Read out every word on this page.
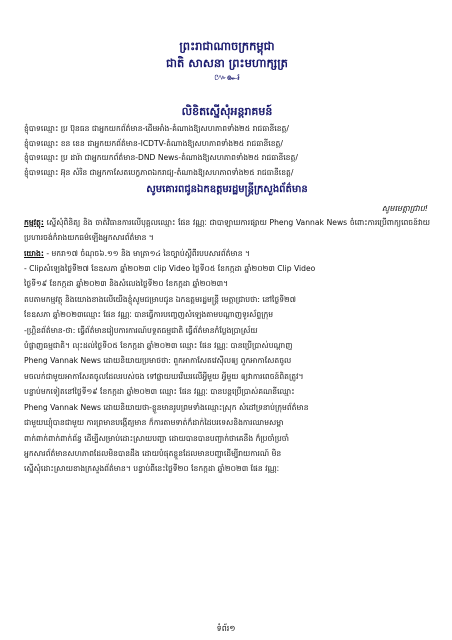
ព្រះរាជាណាចក្រកម្ពុជា
ជាតិ សាសនា ព្រះមហាក្សត្រ
៚๛៛
លិខិតស្នើសុំអន្តរាគមន៍
ខ្ញុំបាទឈ្មោះ ប្រ ប៊ុនធន ជាអ្នកយកព័ត៌មាន-ដើមអាំង-គំណាងឱ្យសហភាពទាំង២៥ រាជធានីខេត្ត/
ខ្ញុំបាទឈ្មោះ ខន ខេន ជាអ្នកយកព័ត៌មាន-ICDTV-តំណាងឱ្យសហភាពទាំង២៥ រាជធានីខេត្ត/
ខ្ញុំបាទឈ្មោះ ប្រ ដារ៉ា ជាអ្នកយកព័ត៌មាន-DND News-តំណាងឱ្យសហភាពទាំង២៥ រាជធានីខេត្ត/
ខ្ញុំបាទឈ្មោះ អ៊ុន សំរិន ជាអ្នកកាសែតបេក្ខភាពឯករាជ្យ-តំណាងឱ្យសហភាពទាំង២៥ រាជធានីខេត្ត/
សូមគោរពជូនឯកឧត្តមរដ្ឋមន្ត្រីក្រសួងព័ត៌មាន
សូមមេត្តាជ្រាប!
កម្មវត្ថុ: ស្នើសុំពិនិត្យ និង ចាត់វិធានការលើបុគ្គលឈ្មោះ ផែន វណ្ណៈ ជាបាឡាឃការផ្សាយ Pheng Vannak News ចំពោះការប្រើពាក្យពេចន៍វាយប្រហារចង់កំរាងយកធម៌ឡើងអ្នកសារព័ត៌មាន ។
យោង: - មករា១៧ ចំណុច៦.១១ និង មាត្រា១៤ នៃច្បាប់ស្តីពីរបបសារព័ត៌មាន ។
- Clipសំឡេងថ្ងៃទី២៧ ខែឧសភា ឆ្នាំ២០២៣ clip Video ថ្ងៃទី០៥ ខែកក្កដា ឆ្នាំ២០២៣ Clip Video
ថ្ងៃទី១៩ ខែកក្កដា ឆ្នាំ២០២៣ និងសំលេងថ្ងៃទី២០ ខែកក្កដា ឆ្នាំ២០២៣។
តបតាមកម្មវត្ថុ និងយោងខាងលើយើងខ្ញុំសូមជម្រាបជូន ឯកឧត្តមរដ្ឋមន្ត្រី មេត្តាជ្រាបថា: នៅថ្ងៃទី២៧
ខែឧសភា ឆ្នាំ២០២៣ឈ្មោះ ផែន វណ្ណៈ បានធ្វើការបញ្ចេញសំឡេងតាមបណ្តាញទូរស័ព្ទក្រុម
-ហ្គ្រិនព័ត៌មាន-ថា: ធ្វើព័ត៌មានរៀបការការណ៍បទ្ថតធម្មជាតិ ធ្វើព័ត៌មានកំប្លែងប្រាស្រ័យ
បំផ្លាញធម្មជាតិ។ លុះដល់ថ្ងៃទី០៥ ខែកក្កដា ឆ្នាំ២០២៣ ឈ្មោះ ផែន វណ្ណៈ បានប្រើប្រាស់បណ្តាញ
Pheng Vannak News ដោយនិយាយប្រមាថថា: ពួកអាកាសែតវេស៊ីលឲ្យ ពួកអាកាសែតចូល
មចលក់ជាមួយអាកាសែតចូលដែលរបស់ចង ទៅផ្លាយឃរើឃរលើអ្វីមួយ អ្វីមួយ ឲ្យវាការពេចន៍ពិតត្រូវ។
បន្ទាប់មកទៀតនៅថ្ងៃទី១៩ ខែកក្កដា ឆ្នាំ២០២៣ ឈ្មោះ ផែន វណ្ណៈ បានបន្តប្រើប្រាស់គណនីឈ្មោះ
Pheng Vannak News ដោយនិយាយថា-ខ្លួនមានរូបព្រមទាំងឈ្មោះស្រុក សំដៅទ្រនាប់ក្រុមព័ត៌មាន
ជាមួយឃ្យុំបានជាមួយ ការព្រមានបង្កើត្យមាន ក៏ការតាមទាត់ក៏ដាក់ដៃបរទេសនិងការឈាមសម្ពា
ពាក់ពាក់ពាក់ពាក់ព័ន្ធ ដើម្បីសម្រាប់ដោះស្រាយបញ្ហា ដោយបានបានបញ្ជាក់ថាគេនឹង ក៏ប្រចាំប្រចាំ
អ្នកសារព័ត៌មានសហភាពដែលមិនបានដឹង ដោយបំផុតខ្លួនដែលមានបញ្ហាដើម្បីរាយការណ៍ មិន
ស្នើសុំដោះស្រាយខាងក្រសួងព័ត៌មាន។ បន្ទាប់ពីនេះថ្ងៃទី២០ ខែកក្កដា ឆ្នាំ២០២៣ ផែន វណ្ណៈ
ទំព័រ១
